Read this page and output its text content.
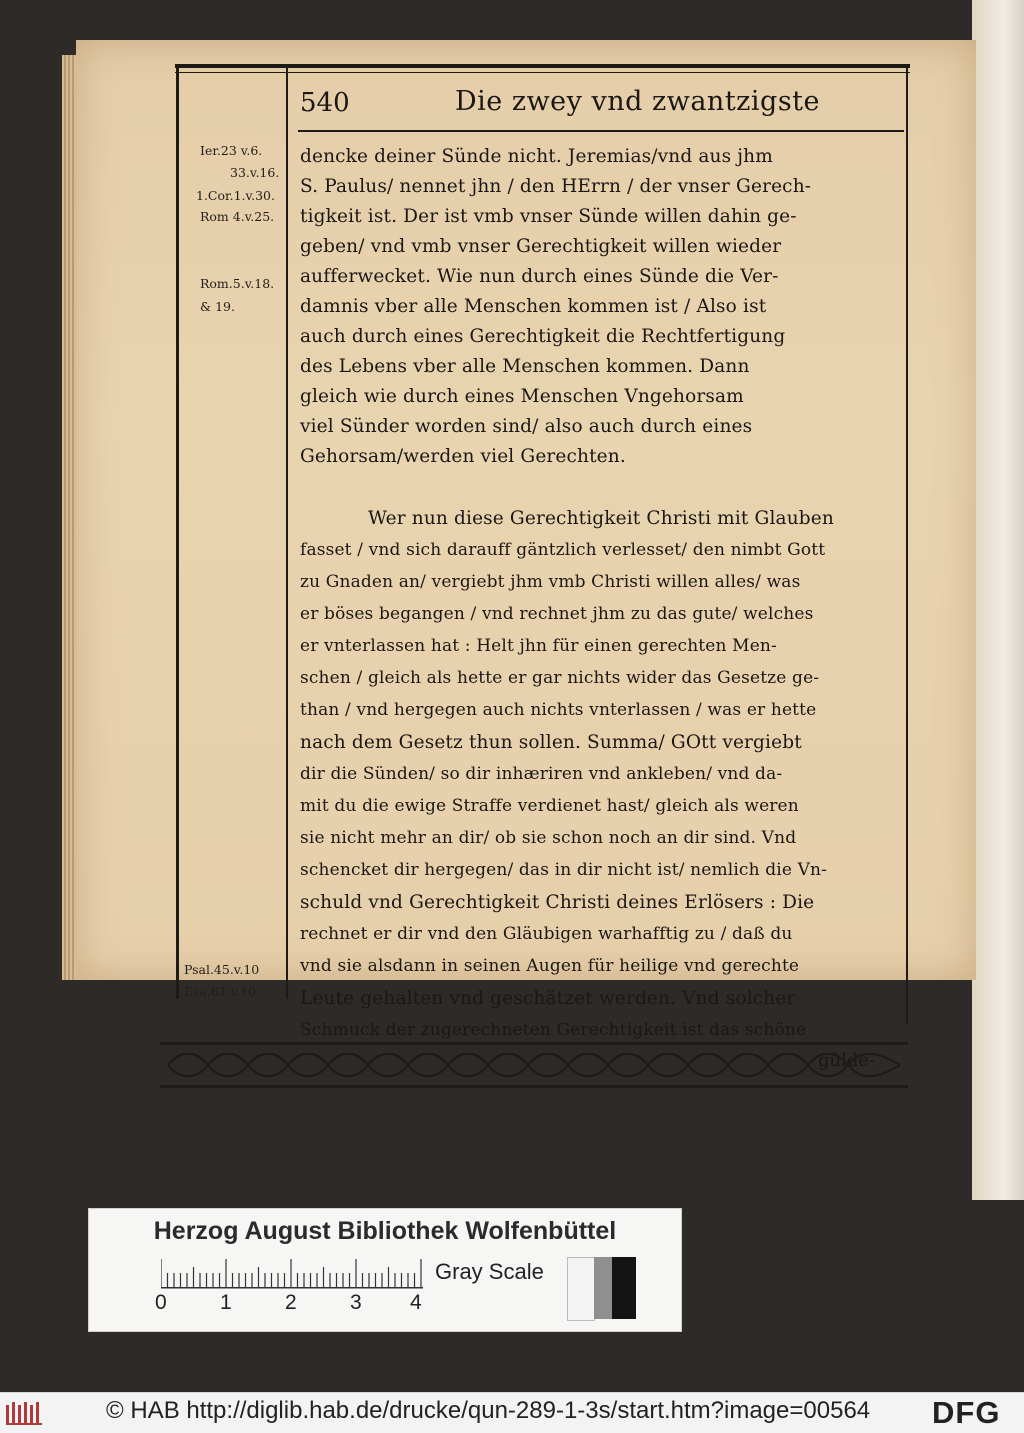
540	Die zwey vnd zwantzigste
Ier.23 v.6.
33.v.16.
1.Cor.1.v.30.
Rom 4.v.25.
Rom.5.v.18.
& 19.
Psal.45.v.10
Esa.61.v.10.
dencke deiner Sünde nicht. Jeremias/vnd aus jhm
S. Paulus/ nennet jhn / den HErrn / der vnser Gerech-
tigkeit ist. Der ist vmb vnser Sünde willen dahin ge-
geben/ vnd vmb vnser Gerechtigkeit willen wieder
aufferwecket. Wie nun durch eines Sünde die Ver-
damnis vber alle Menschen kommen ist / Also ist
auch durch eines Gerechtigkeit die Rechtfertigung
des Lebens vber alle Menschen kommen. Dann
gleich wie durch eines Menschen Vngehorsam
viel Sünder worden sind/ also auch durch eines
Gehorsam/werden viel Gerechten.
Wer nun diese Gerechtigkeit Christi mit Glauben
fasset / vnd sich darauff gäntzlich verlesset/ den nimbt Gott
zu Gnaden an/ vergiebt jhm vmb Christi willen alles/ was
er böses begangen / vnd rechnet jhm zu das gute/ welches
er vnterlassen hat : Helt jhn für einen gerechten Men-
schen / gleich als hette er gar nichts wider das Gesetze ge-
than / vnd hergegen auch nichts vnterlassen / was er hette
nach dem Gesetz thun sollen. Summa/ GOtt vergiebt
dir die Sünden/ so dir inhæriren vnd ankleben/ vnd da-
mit du die ewige Straffe verdienet hast/ gleich als weren
sie nicht mehr an dir/ ob sie schon noch an dir sind. Vnd
schencket dir hergegen/ das in dir nicht ist/ nemlich die Vn-
schuld vnd Gerechtigkeit Christi deines Erlösers : Die
rechnet er dir vnd den Gläubigen warhafftig zu / daß du
vnd sie alsdann in seinen Augen für heilige vnd gerechte
Leute gehalten vnd geschätzet werden. Vnd solcher
Schmuck der zugerechneten Gerechtigkeit ist das schöne
gülde-
Herzog August Bibliothek Wolfenbüttel
0	1	2	3 4
Gray Scale
© HAB http://diglib.hab.de/drucke/qun-289-1-3s/start.htm?image=00564 DFG
